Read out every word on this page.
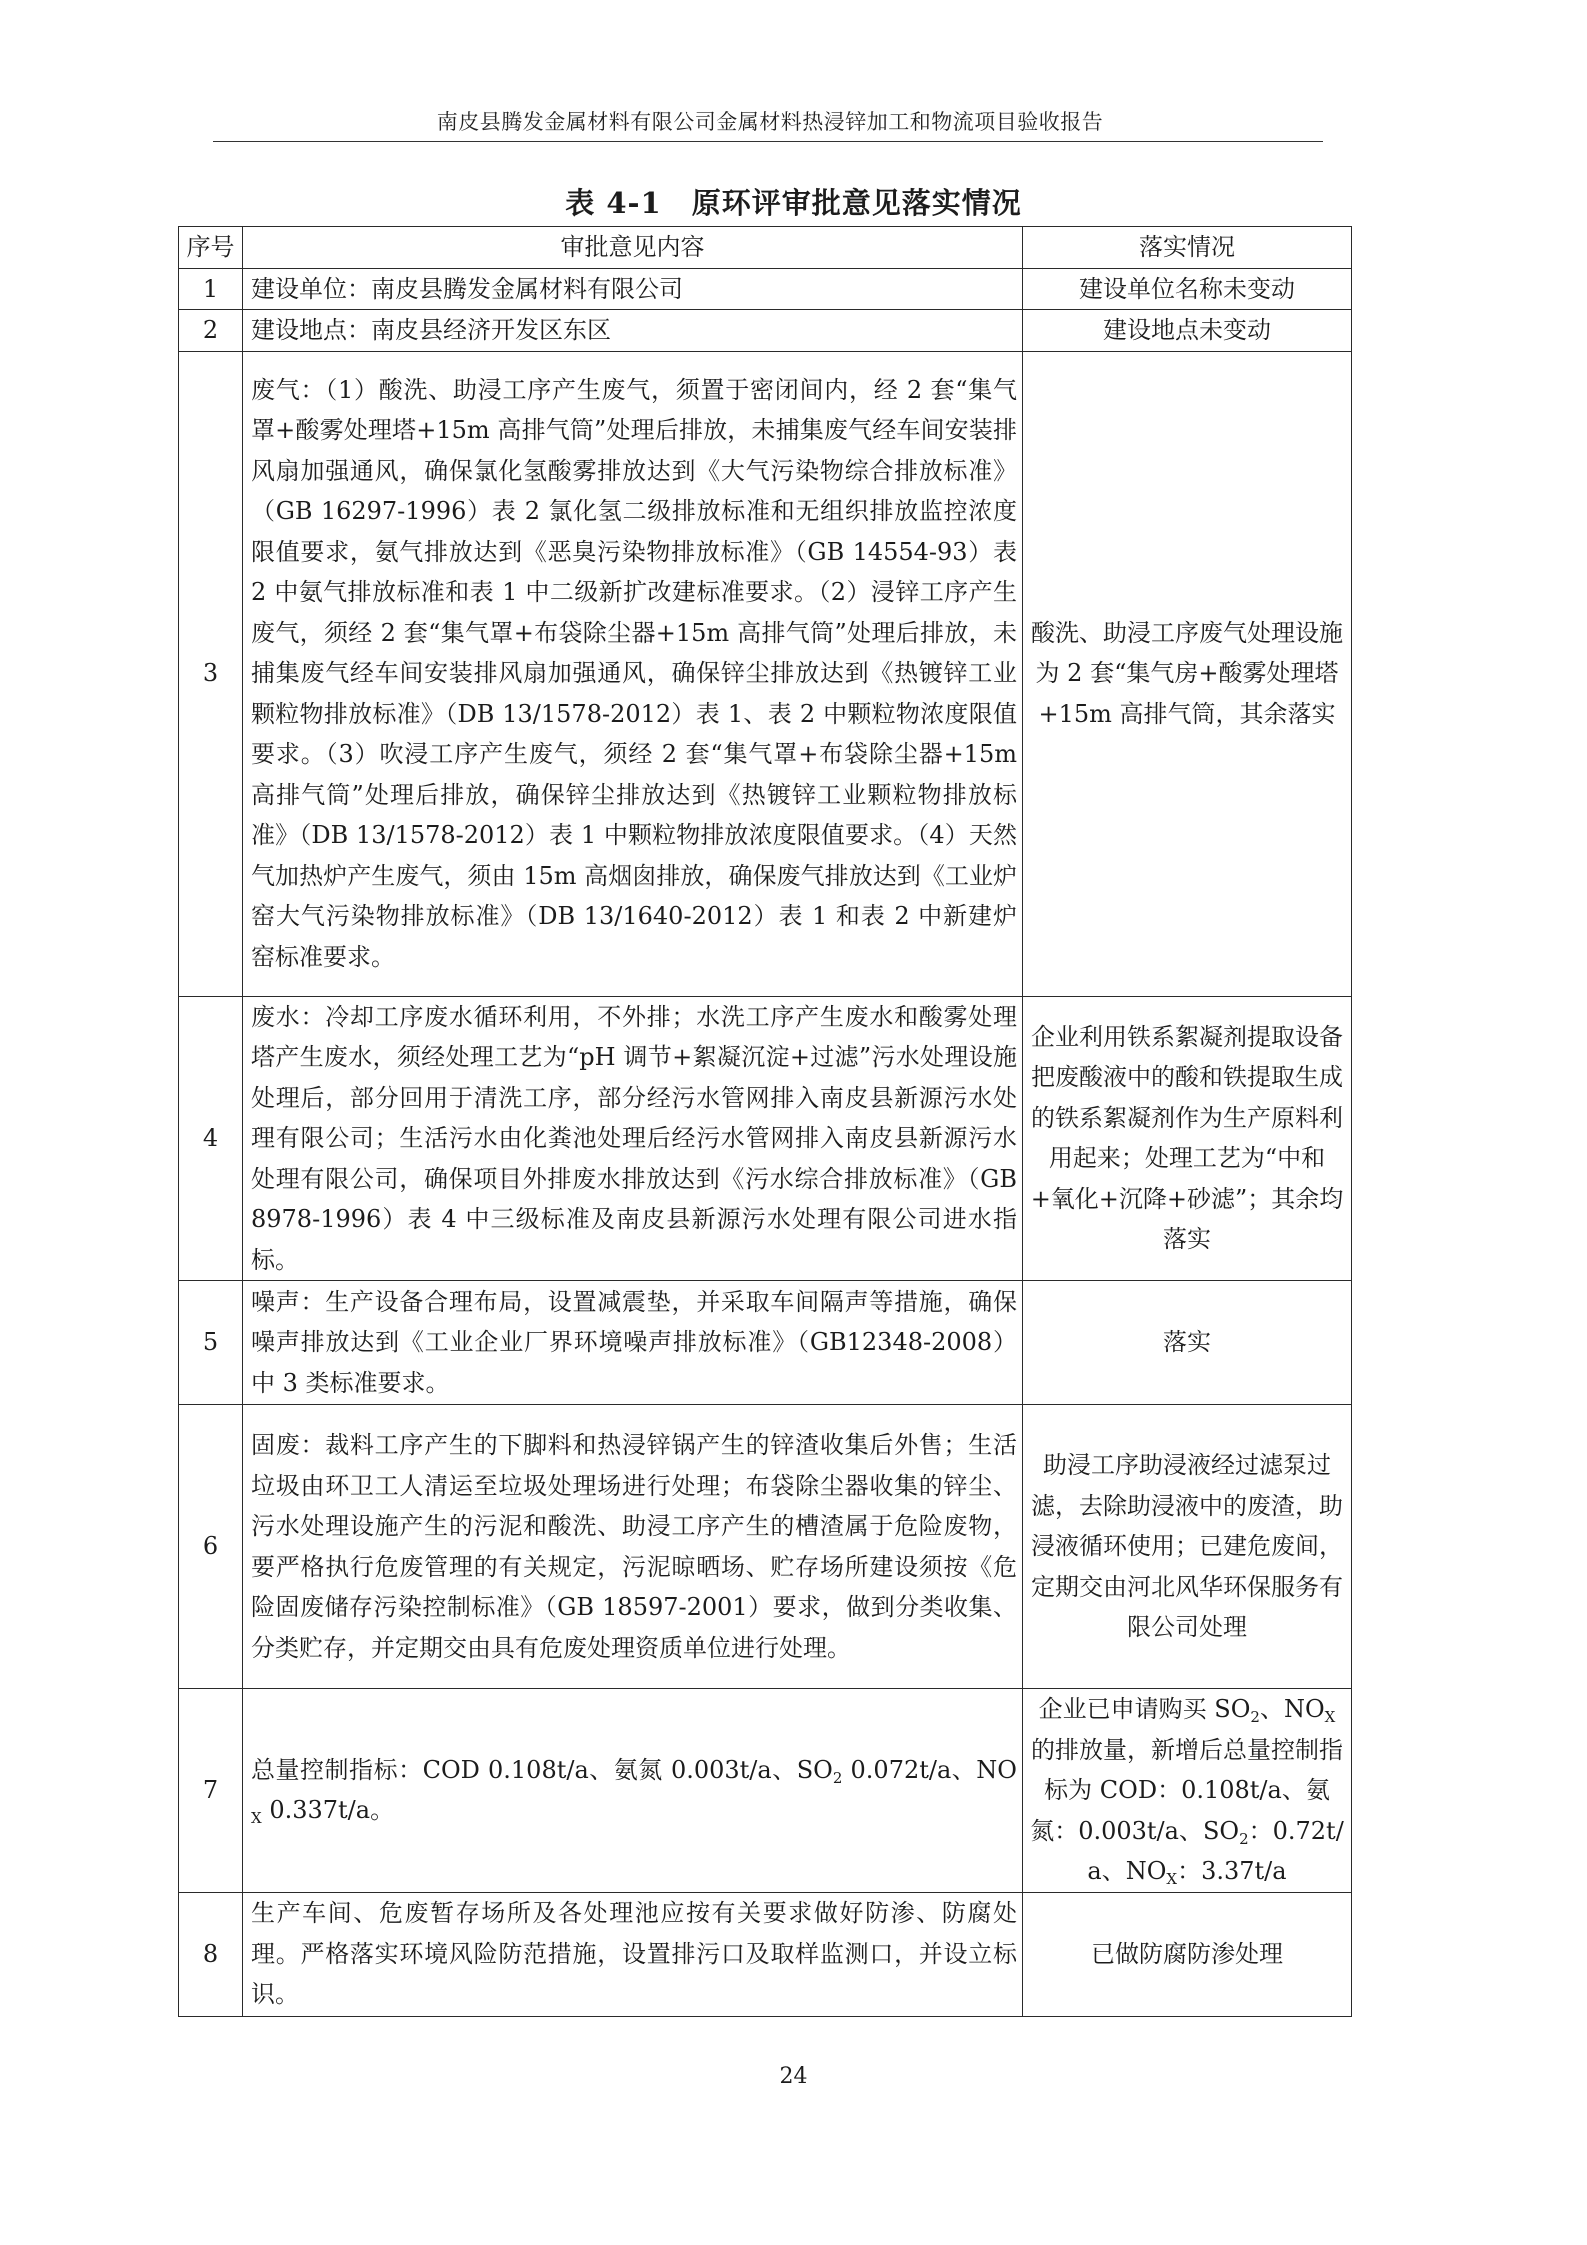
南皮县腾发金属材料有限公司金属材料热浸锌加工和物流项目验收报告
表 4-1　原环评审批意见落实情况
序号	审批意见内容	落实情况
1	建设单位：南皮县腾发金属材料有限公司	建设单位名称未变动
2	建设地点：南皮县经济开发区东区	建设地点未变动
3	废气：（1）酸洗、助浸工序产生废气，须置于密闭间内，经 2 套“集气罩+酸雾处理塔+15m 高排气筒”处理后排放，未捕集废气经车间安装排风扇加强通风，确保氯化氢酸雾排放达到《大气污染物综合排放标准》（GB 16297-1996）表 2 氯化氢二级排放标准和无组织排放监控浓度限值要求，氨气排放达到《恶臭污染物排放标准》（GB 14554-93）表 2 中氨气排放标准和表 1 中二级新扩改建标准要求。（2）浸锌工序产生废气，须经 2 套“集气罩+布袋除尘器+15m 高排气筒”处理后排放，未捕集废气经车间安装排风扇加强通风，确保锌尘排放达到《热镀锌工业颗粒物排放标准》（DB 13/1578-2012）表 1、表 2 中颗粒物浓度限值要求。（3）吹浸工序产生废气，须经 2 套“集气罩+布袋除尘器+15m 高排气筒”处理后排放，确保锌尘排放达到《热镀锌工业颗粒物排放标准》（DB 13/1578-2012）表 1 中颗粒物排放浓度限值要求。（4）天然气加热炉产生废气，须由 15m 高烟囱排放，确保废气排放达到《工业炉窑大气污染物排放标准》（DB 13/1640-2012）表 1 和表 2 中新建炉窑标准要求。	酸洗、助浸工序废气处理设施为 2 套“集气房+酸雾处理塔+15m 高排气筒，其余落实
4	废水：冷却工序废水循环利用，不外排；水洗工序产生废水和酸雾处理塔产生废水，须经处理工艺为“pH 调节+絮凝沉淀+过滤”污水处理设施处理后，部分回用于清洗工序，部分经污水管网排入南皮县新源污水处理有限公司；生活污水由化粪池处理后经污水管网排入南皮县新源污水处理有限公司，确保项目外排废水排放达到《污水综合排放标准》（GB 8978-1996）表 4 中三级标准及南皮县新源污水处理有限公司进水指标。	企业利用铁系絮凝剂提取设备把废酸液中的酸和铁提取生成的铁系絮凝剂作为生产原料利用起来；处理工艺为“中和+氧化+沉降+砂滤”；其余均落实
5	噪声：生产设备合理布局，设置减震垫，并采取车间隔声等措施，确保噪声排放达到《工业企业厂界环境噪声排放标准》（GB12348-2008）中 3 类标准要求。	落实
6	固废：裁料工序产生的下脚料和热浸锌锅产生的锌渣收集后外售；生活垃圾由环卫工人清运至垃圾处理场进行处理；布袋除尘器收集的锌尘、污水处理设施产生的污泥和酸洗、助浸工序产生的槽渣属于危险废物，要严格执行危废管理的有关规定，污泥晾晒场、贮存场所建设须按《危险固废储存污染控制标准》（GB 18597-2001）要求，做到分类收集、分类贮存，并定期交由具有危废处理资质单位进行处理。	助浸工序助浸液经过滤泵过滤，去除助浸液中的废渣，助浸液循环使用；已建危废间，定期交由河北风华环保服务有限公司处理
7	总量控制指标：COD 0.108t/a、氨氮 0.003t/a、$SO_2$ 0.072t/a、$NO_X$ 0.337t/a。	企业已申请购买 $SO_2$、$NO_X$ 的排放量，新增后总量控制指标为 COD：0.108t/a、氨氮：0.003t/a、$SO_2$：0.72t/a、$NO_X$：3.37t/a
8	生产车间、危废暂存场所及各处理池应按有关要求做好防渗、防腐处理。严格落实环境风险防范措施，设置排污口及取样监测口，并设立标识。	已做防腐防渗处理
24
